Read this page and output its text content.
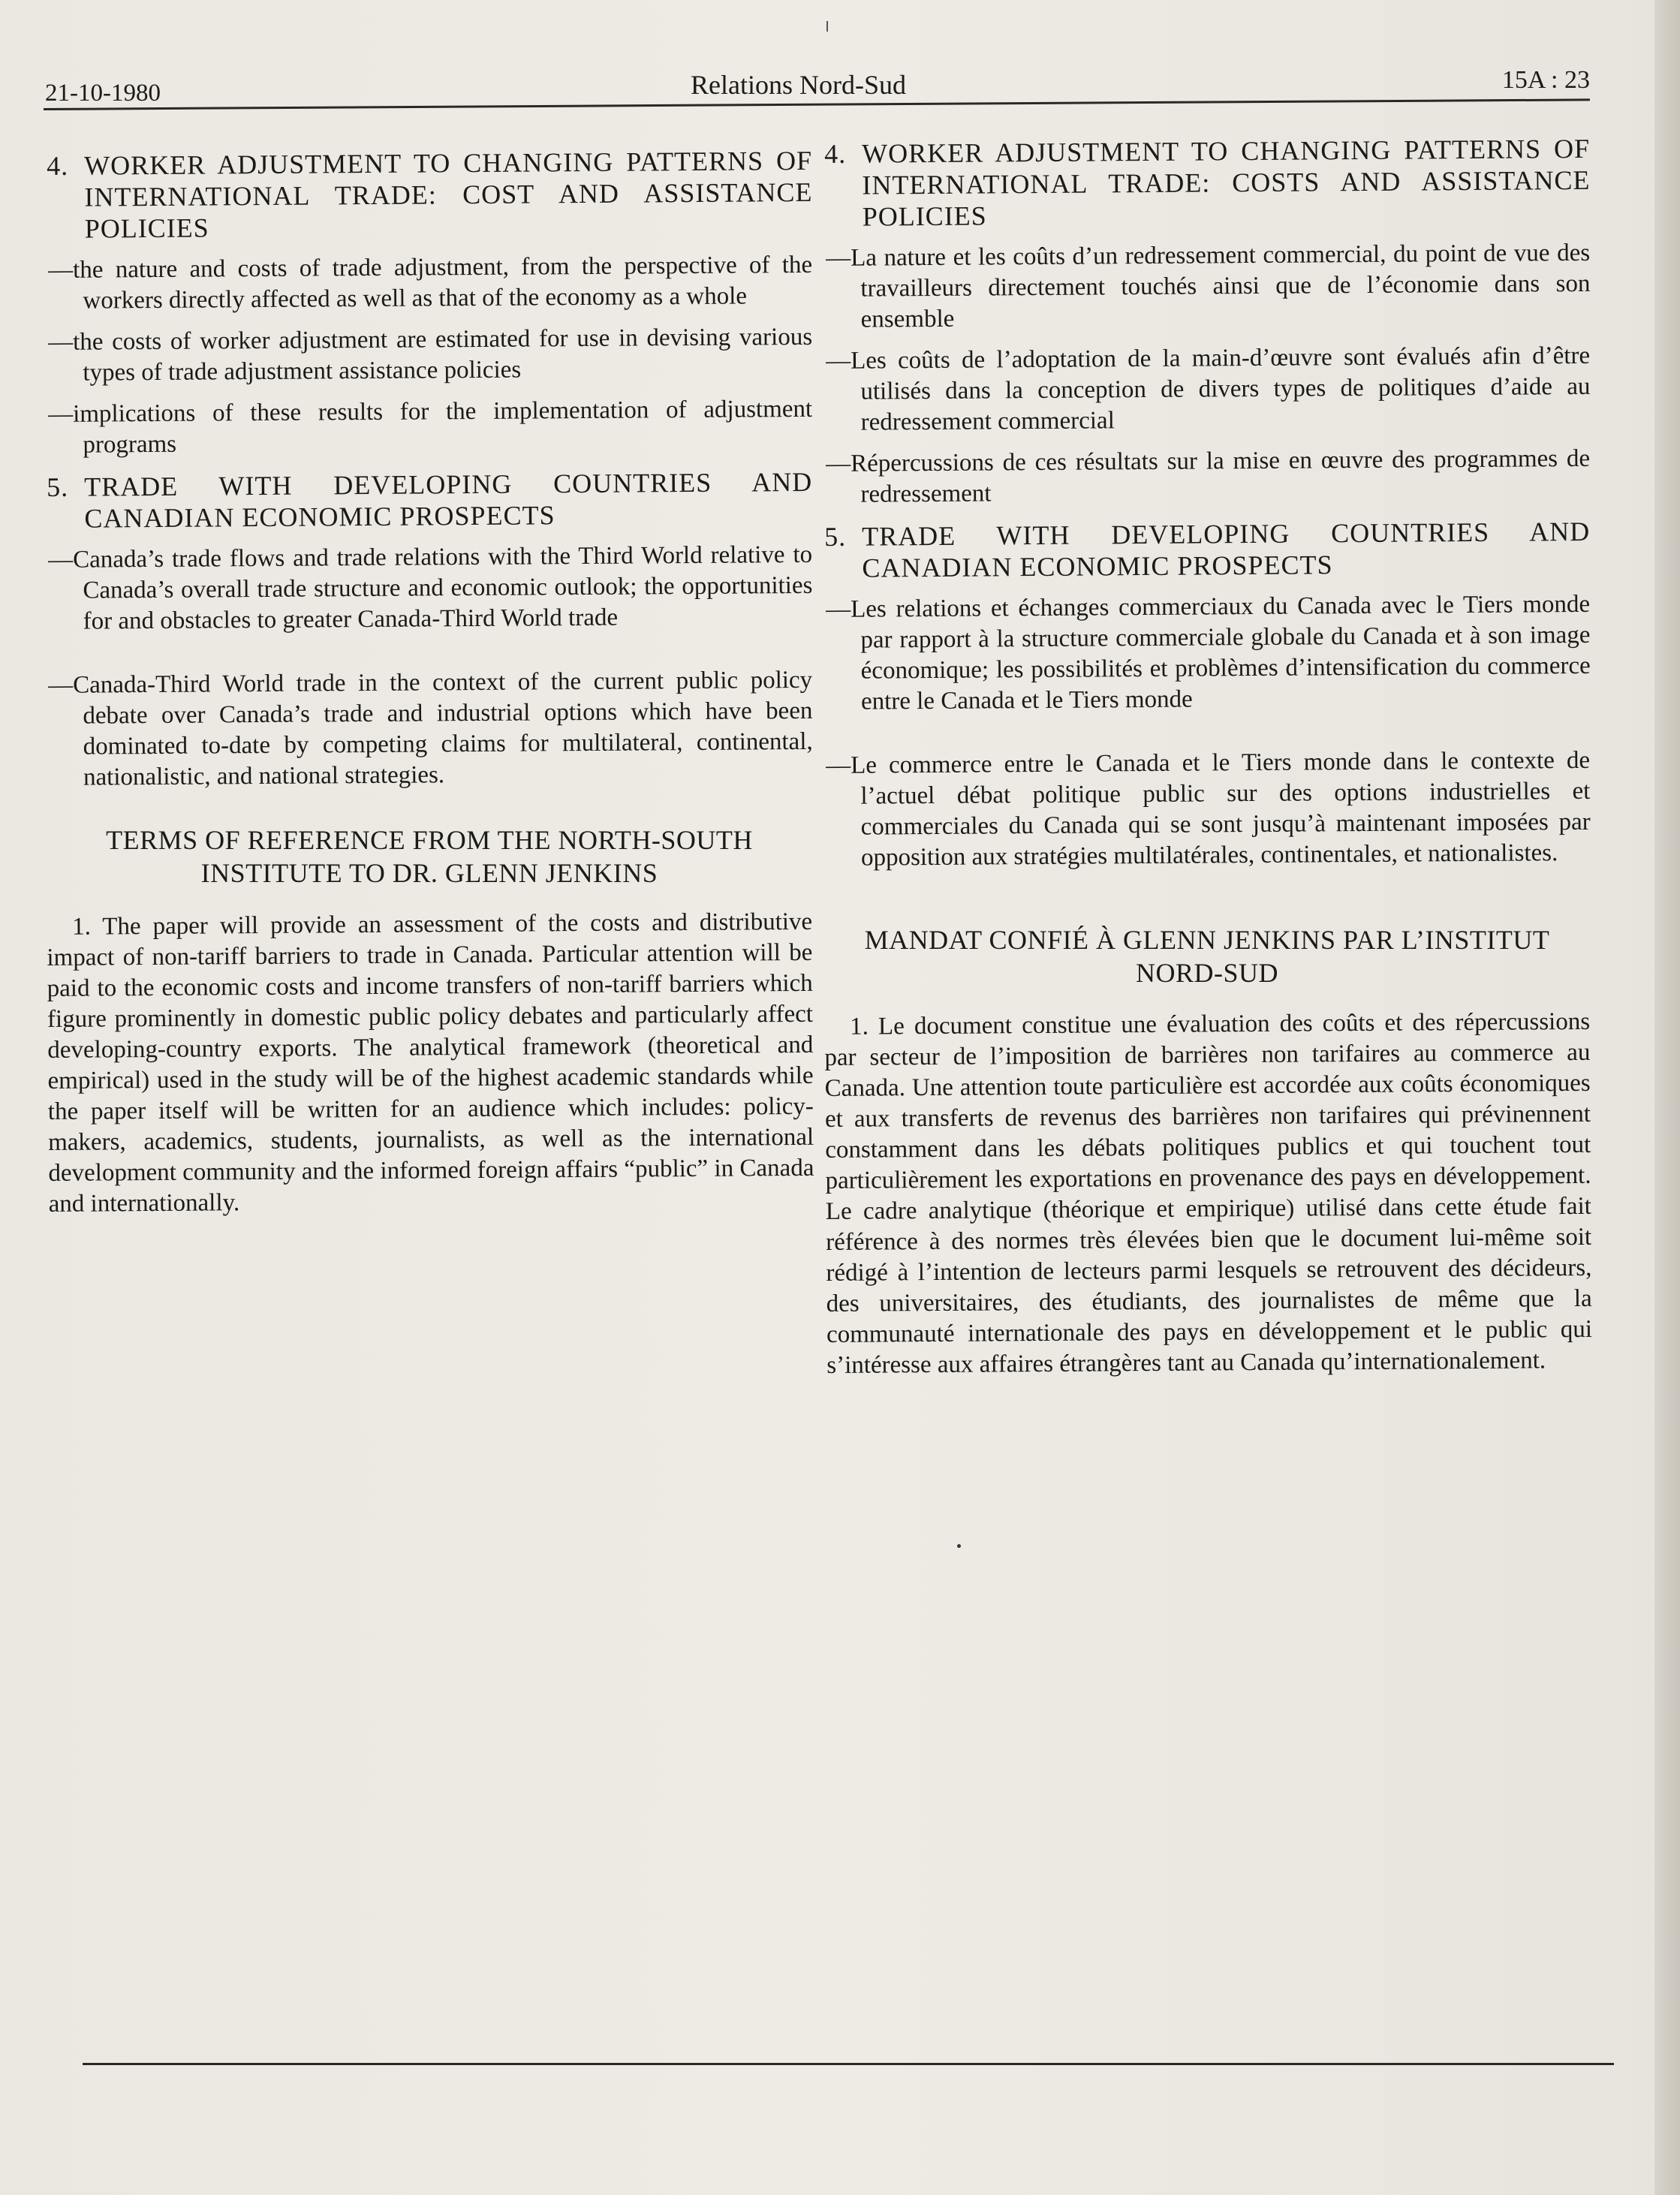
21-10-1980	Relations Nord-Sud	15A : 23
4. WORKER ADJUSTMENT TO CHANGING PATTERNS OF INTERNATIONAL TRADE: COST AND ASSISTANCE POLICIES
—the nature and costs of trade adjustment, from the perspective of the workers directly affected as well as that of the economy as a whole
—the costs of worker adjustment are estimated for use in devising various types of trade adjustment assistance policies
—implications of these results for the implementation of adjustment programs
5. TRADE WITH DEVELOPING COUNTRIES AND CANADIAN ECONOMIC PROSPECTS
—Canada’s trade flows and trade relations with the Third World relative to Canada’s overall trade structure and economic outlook; the opportunities for and obstacles to greater Canada-Third World trade
—Canada-Third World trade in the context of the current public policy debate over Canada’s trade and industrial options which have been dominated to-date by competing claims for multilateral, continental, nationalistic, and national strategies.
TERMS OF REFERENCE FROM THE NORTH-SOUTH INSTITUTE TO DR. GLENN JENKINS
1. The paper will provide an assessment of the costs and distributive impact of non-tariff barriers to trade in Canada. Particular attention will be paid to the economic costs and income transfers of non-tariff barriers which figure prominently in domestic public policy debates and particularly affect developing-country exports. The analytical framework (theoretical and empirical) used in the study will be of the highest academic standards while the paper itself will be written for an audience which includes: policy-makers, academics, students, journalists, as well as the international development community and the informed foreign affairs “public” in Canada and internationally.
4. WORKER ADJUSTMENT TO CHANGING PATTERNS OF INTERNATIONAL TRADE: COSTS AND ASSISTANCE POLICIES
—La nature et les coûts d’un redressement commercial, du point de vue des travailleurs directement touchés ainsi que de l’économie dans son ensemble
—Les coûts de l’adoptation de la main-d’œuvre sont évalués afin d’être utilisés dans la conception de divers types de politiques d’aide au redressement commercial
—Répercussions de ces résultats sur la mise en œuvre des programmes de redressement
5. TRADE WITH DEVELOPING COUNTRIES AND CANADIAN ECONOMIC PROSPECTS
—Les relations et échanges commerciaux du Canada avec le Tiers monde par rapport à la structure commerciale globale du Canada et à son image économique; les possibilités et problèmes d’intensification du commerce entre le Canada et le Tiers monde
—Le commerce entre le Canada et le Tiers monde dans le contexte de l’actuel débat politique public sur des options industrielles et commerciales du Canada qui se sont jusqu’à maintenant imposées par opposition aux stratégies multilatérales, continentales, et nationalistes.
MANDAT CONFIÉ À GLENN JENKINS PAR L’INSTITUT NORD-SUD
1. Le document constitue une évaluation des coûts et des répercussions par secteur de l’imposition de barrières non tarifaires au commerce au Canada. Une attention toute particulière est accordée aux coûts économiques et aux transferts de revenus des barrières non tarifaires qui prévinennent constamment dans les débats politiques publics et qui touchent tout particulièrement les exportations en provenance des pays en développement. Le cadre analytique (théorique et empirique) utilisé dans cette étude fait référence à des normes très élevées bien que le document lui-même soit rédigé à l’intention de lecteurs parmi lesquels se retrouvent des décideurs, des universitaires, des étudiants, des journalistes de même que la communauté internationale des pays en développement et le public qui s’intéresse aux affaires étrangères tant au Canada qu’internationalement.
